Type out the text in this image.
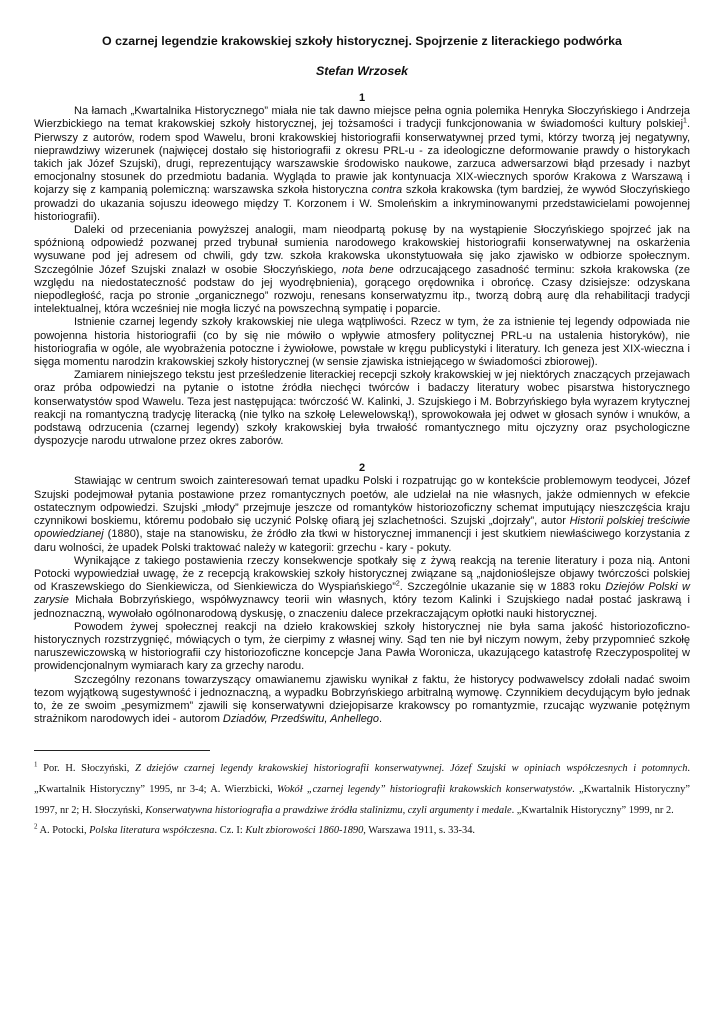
O czarnej legendzie krakowskiej szkoły historycznej. Spojrzenie z literackiego podwórka
Stefan Wrzosek
1

Na łamach „Kwartalnika Historycznego” miała nie tak dawno miejsce pełna ognia polemika Henryka Słoczyńskiego i Andrzeja Wierzbickiego na temat krakowskiej szkoły historycznej, jej tożsamości i tradycji funkcjonowania w świadomości kultury polskiej$^1$. Pierwszy z autorów, rodem spod Wawelu, broni krakowskiej historiografii konserwatywnej przed tymi, którzy tworzą jej negatywny, nieprawdziwy wizerunek (najwięcej dostało się historiografii z okresu PRL-u - za ideologiczne deformowanie prawdy o historykach takich jak Józef Szujski), drugi, reprezentujący warszawskie środowisko naukowe, zarzuca adwersarzowi błąd przesady i nazbyt emocjonalny stosunek do przedmiotu badania. Wygląda to prawie jak kontynuacja XIX-wiecznych sporów Krakowa z Warszawą i kojarzy się z kampanią polemiczną: warszawska szkoła historyczna contra szkoła krakowska (tym bardziej, że wywód Słoczyńskiego prowadzi do ukazania sojuszu ideowego między T. Korzonem i W. Smoleńskim a inkryminowanymi przedstawicielami powojennej historiografii).

Daleki od przeceniania powyższej analogii, mam nieodpartą pokusę by na wystąpienie Słoczyńskiego spojrzeć jak na spóźnioną odpowiedź pozwanej przed trybunał sumienia narodowego krakowskiej historiografii konserwatywnej na oskarżenia wysuwane pod jej adresem od chwili, gdy tzw. szkoła krakowska ukonstytuowała się jako zjawisko w odbiorze społecznym. Szczególnie Józef Szujski znalazł w osobie Słoczyńskiego, nota bene odrzucającego zasadność terminu: szkoła krakowska (ze względu na niedostateczność podstaw do jej wyodrębnienia), gorącego orędownika i obrońcę. Czasy dzisiejsze: odzyskana niepodległość, racja po stronie „organicznego” rozwoju, renesans konserwatyzmu itp., tworzą dobrą aurę dla rehabilitacji tradycji intelektualnej, która wcześniej nie mogła liczyć na powszechną sympatię i poparcie.

Istnienie czarnej legendy szkoły krakowskiej nie ulega wątpliwości. Rzecz w tym, że za istnienie tej legendy odpowiada nie powojenna historia historiografii (co by się nie mówiło o wpływie atmosfery politycznej PRL-u na ustalenia historyków), nie historiografia w ogóle, ale wyobrażenia potoczne i żywiołowe, powstałe w kręgu publicystyki i literatury. Ich geneza jest XIX-wieczna i sięga momentu narodzin krakowskiej szkoły historycznej (w sensie zjawiska istniejącego w świadomości zbiorowej).

Zamiarem niniejszego tekstu jest prześledzenie literackiej recepcji szkoły krakowskiej w jej niektórych znaczących przejawach oraz próba odpowiedzi na pytanie o istotne źródła niechęci twórców i badaczy literatury wobec pisarstwa historycznego konserwatystów spod Wawelu. Teza jest następująca: twórczość W. Kalinki, J. Szujskiego i M. Bobrzyńskiego była wyrazem krytycznej reakcji na romantyczną tradycję literacką (nie tylko na szkołę Lelewelowską!), sprowokowała jej odwet w głosach synów i wnuków, a podstawą odrzucenia (czarnej legendy) szkoły krakowskiej była trwałość romantycznego mitu ojczyzny oraz psychologiczne dyspozycje narodu utrwalone przez okres zaborów.

2

Stawiając w centrum swoich zainteresowań temat upadku Polski i rozpatrując go w kontekście problemowym teodycei, Józef Szujski podejmował pytania postawione przez romantycznych poetów, ale udzielał na nie własnych, jakże odmiennych w efekcie ostatecznym odpowiedzi. Szujski „młody” przejmuje jeszcze od romantyków historiozoficzny schemat imputujący nieszczęścia kraju czynnikowi boskiemu, któremu podobało się uczynić Polskę ofiarą jej szlachetności. Szujski „dojrzały”, autor Historii polskiej treściwie opowiedzianej (1880), staje na stanowisku, że źródło zła tkwi w historycznej immanencji i jest skutkiem niewłaściwego korzystania z daru wolności, że upadek Polski traktować należy w kategorii: grzechu - kary - pokuty.

Wynikające z takiego postawienia rzeczy konsekwencje spotkały się z żywą reakcją na terenie literatury i poza nią. Antoni Potocki wypowiedział uwagę, że z recepcją krakowskiej szkoły historycznej związane są „najdonioślejsze objawy twórczości polskiej od Kraszewskiego do Sienkiewicza, od Sienkiewicza do Wyspiańskiego”$^2$. Szczególnie ukazanie się w 1883 roku Dziejów Polski w zarysie Michała Bobrzyńskiego, współwyznawcy teorii win własnych, który tezom Kalinki i Szujskiego nadał postać jaskrawą i jednoznaczną, wywołało ogólnonarodową dyskusję, o znaczeniu dalece przekraczającym opłotki nauki historycznej.

Powodem żywej społecznej reakcji na dzieło krakowskiej szkoły historycznej nie była sama jakość historiozoficzno-historycznych rozstrzygnięć, mówiących o tym, że cierpimy z własnej winy. Sąd ten nie był niczym nowym, żeby przypomnieć szkołę naruszewiczowską w historiografii czy historiozoficzne koncepcje Jana Pawła Woronicza, ukazującego katastrofę Rzeczypospolitej w prowidencjonalnym wymiarach kary za grzechy narodu.

Szczególny rezonans towarzyszący omawianemu zjawisku wynikał z faktu, że historycy podwawelscy zdołali nadać swoim tezom wyjątkową sugestywność i jednoznaczną, a wypadku Bobrzyńskiego arbitralną wymowę. Czynnikiem decydującym było jednak to, że ze swoim „pesymizmem” zjawili się konserwatywni dziejopisarze krakowscy po romantyzmie, rzucając wyzwanie potężnym strażnikom narodowych idei - autorom Dziadów, Przedświtu, Anhellego.

$^1$ Por. H. Słoczyński, Z dziejów czarnej legendy krakowskiej historiografii konserwatywnej. Józef Szujski w opiniach współczesnych i potomnych. „Kwartalnik Historyczny” 1995, nr 3-4; A. Wierzbicki, Wokół „czarnej legendy” historiografii krakowskich konserwatystów. „Kwartalnik Historyczny” 1997, nr 2; H. Słoczyński, Konserwatywna historiografia a prawdziwe źródła stalinizmu, czyli argumenty i medale. „Kwartalnik Historyczny” 1999, nr 2.

$^2$ A. Potocki, Polska literatura współczesna. Cz. I: Kult zbiorowości 1860-1890, Warszawa 1911, s. 33-34.
